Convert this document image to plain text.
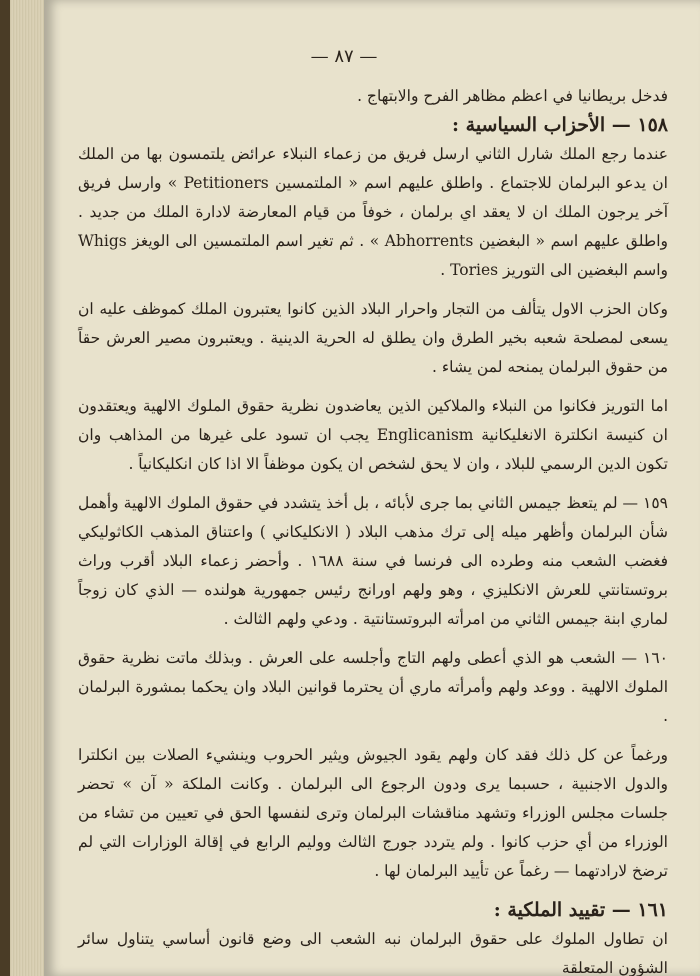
— ٨٧ —
فدخل بريطانيا في اعظم مظاهر الفرح والابتهاج .
١٥٨ — الأحزاب السياسية :

عندما رجع الملك شارل الثاني ارسل فريق من زعماء النبلاء عرائض يلتمسون بها من الملك ان يدعو البرلمان للاجتماع . واطلق عليهم اسم « الملتمسين Petitioners » وارسل فريق آخر يرجون الملك ان لا يعقد اي برلمان ، خوفاً من قيام المعارضة لادارة الملك من جديد . واطلق عليهم اسم « البغضين Abhorrents » . ثم تغير اسم الملتمسين الى الويغز Whigs واسم البغضين الى التوريز Tories .

وكان الحزب الاول يتألف من التجار واحرار البلاد الذين كانوا يعتبرون الملك كموظف عليه ان يسعى لمصلحة شعبه بخير الطرق وان يطلق له الحرية الدينية . ويعتبرون مصير العرش حقاً من حقوق البرلمان يمنحه لمن يشاء .

اما التوريز فكانوا من النبلاء والملاكين الذين يعاضدون نظرية حقوق الملوك الالهية ويعتقدون ان كنيسة انكلترة الانغليكانية Englicanism يجب ان تسود على غيرها من المذاهب وان تكون الدين الرسمي للبلاد ، وان لا يحق لشخص ان يكون موظفاً الا اذا كان انكليكانياً .

١٥٩ — لم يتعظ جيمس الثاني بما جرى لأبائه ، بل أخذ يتشدد في حقوق الملوك الالهية وأهمل شأن البرلمان وأظهر ميله إلى ترك مذهب البلاد ( الانكليكاني ) واعتناق المذهب الكاثوليكي فغضب الشعب منه وطرده الى فرنسا في سنة ١٦٨٨ . وأحضر زعماء البلاد أقرب وراث بروتستانتي للعرش الانكليزي ، وهو ولهم اورانج رئيس جمهورية هولنده — الذي كان زوجاً لماري ابنة جيمس الثاني من امرأته البروتستانتية . ودعي ولهم الثالث .

١٦٠ — الشعب هو الذي أعطى ولهم التاج وأجلسه على العرش . وبذلك ماتت نظرية حقوق الملوك الالهية . ووعد ولهم وأمرأته ماري أن يحترما قوانين البلاد وان يحكما بمشورة البرلمان .

ورغماً عن كل ذلك فقد كان ولهم يقود الجيوش ويثير الحروب وينشيء الصلات بين انكلترا والدول الاجنبية ، حسبما يرى ودون الرجوع الى البرلمان . وكانت الملكة « آن » تحضر جلسات مجلس الوزراء وتشهد مناقشات البرلمان وترى لنفسها الحق في تعيين من تشاء من الوزراء من أي حزب كانوا . ولم يتردد جورج الثالث ووليم الرابع في إقالة الوزارات التي لم ترضخ لارادتهما — رغماً عن تأييد البرلمان لها .

١٦١ — تقييد الملكية :

ان تطاول الملوك على حقوق البرلمان نبه الشعب الى وضع قانون أساسي يتناول سائر الشؤون المتعلقة
